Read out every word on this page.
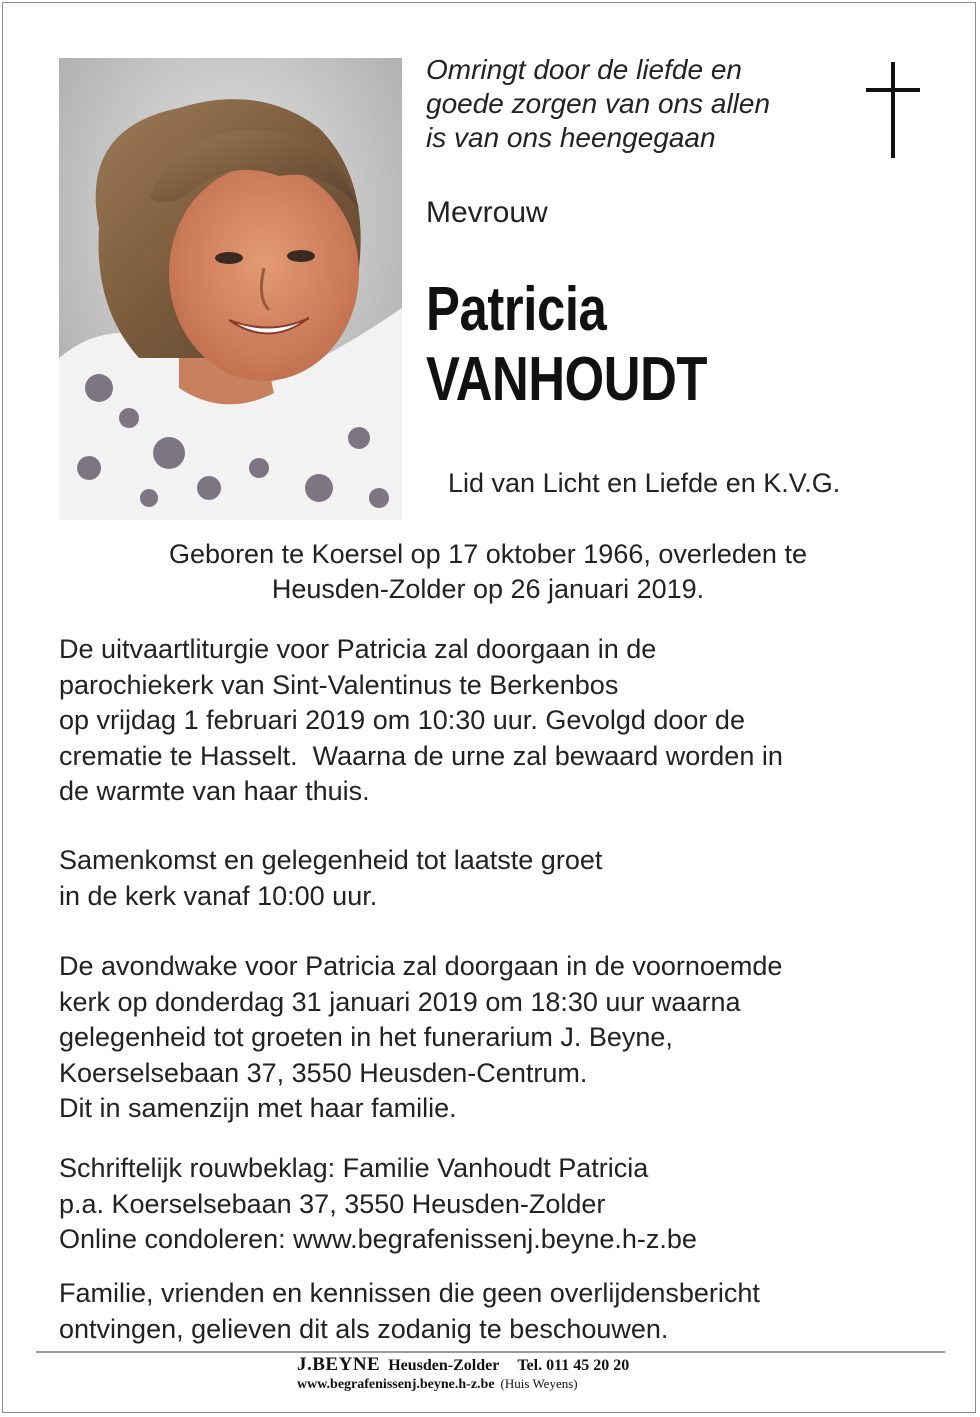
Omringt door de liefde en
goede zorgen van ons allen
is van ons heengegaan
Mevrouw
Patricia
VANHOUDT
Lid van Licht en Liefde en K.V.G.
Geboren te Koersel op 17 oktober 1966, overleden te
Heusden-Zolder op 26 januari 2019.
De uitvaartliturgie voor Patricia zal doorgaan in de
parochiekerk van Sint-Valentinus te Berkenbos
op vrijdag 1 februari 2019 om 10:30 uur. Gevolgd door de
crematie te Hasselt.  Waarna de urne zal bewaard worden in
de warmte van haar thuis.
Samenkomst en gelegenheid tot laatste groet
in de kerk vanaf 10:00 uur.
De avondwake voor Patricia zal doorgaan in de voornoemde
kerk op donderdag 31 januari 2019 om 18:30 uur waarna
gelegenheid tot groeten in het funerarium J. Beyne,
Koerselsebaan 37, 3550 Heusden-Centrum.
Dit in samenzijn met haar familie.
Schriftelijk rouwbeklag: Familie Vanhoudt Patricia
p.a. Koerselsebaan 37, 3550 Heusden-Zolder
Online condoleren: www.begrafenissenj.beyne.h-z.be
Familie, vrienden en kennissen die geen overlijdensbericht
ontvingen, gelieven dit als zodanig te beschouwen.
J.BEYNE Heusden-Zolder Tel. 011 45 20 20
www.begrafenissenj.beyne.h-z.be (Huis Weyens)
